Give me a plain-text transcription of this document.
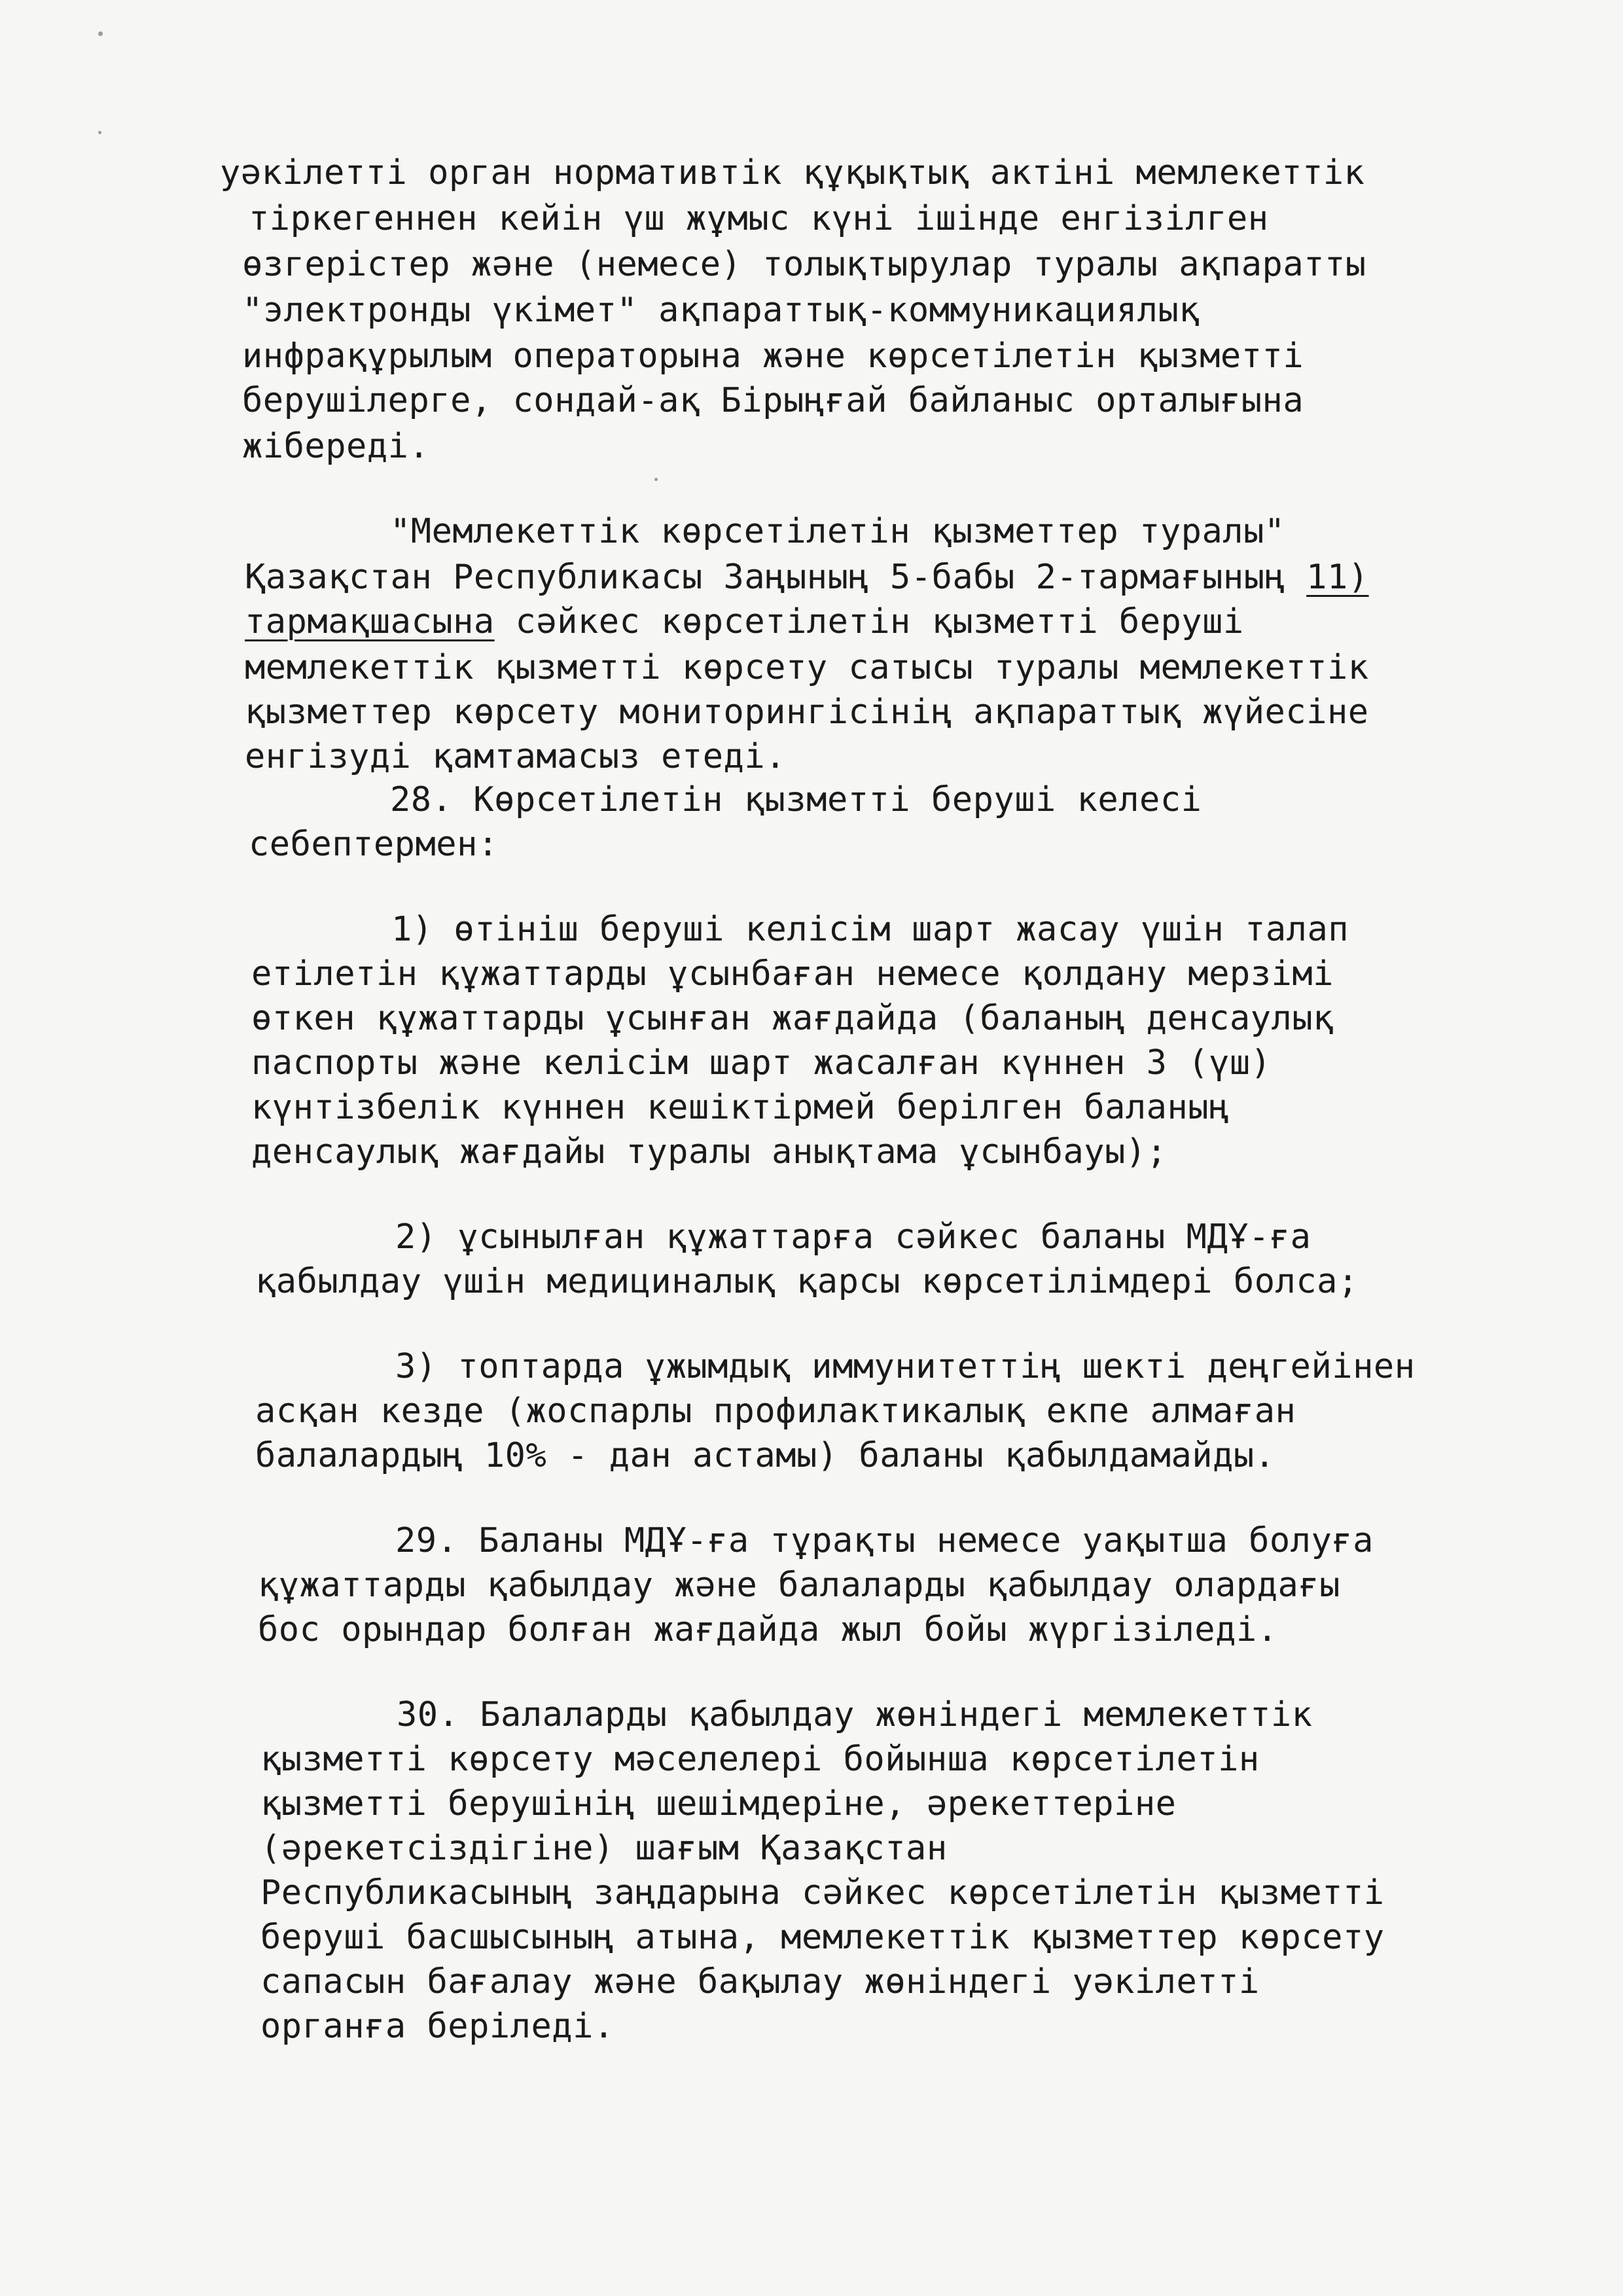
уәкілетті орган нормативтік құқықтық актіні мемлекеттік
тіркегеннен кейін үш жұмыс күні ішінде енгізілген
өзгерістер және (немесе) толықтырулар туралы ақпаратты
"электронды үкімет" ақпараттық-коммуникациялық
инфрақұрылым операторына және көрсетілетін қызметті
берушілерге, сондай-ақ Бірыңғай байланыс орталығына
жібереді.
"Мемлекеттік көрсетілетін қызметтер туралы"
Қазақстан Республикасы Заңының 5-бабы 2-тармағының 11)
тармақшасына сәйкес көрсетілетін қызметті беруші
мемлекеттік қызметті көрсету сатысы туралы мемлекеттік
қызметтер көрсету мониторингісінің ақпараттық жүйесіне
енгізуді қамтамасыз етеді.
28. Көрсетілетін қызметті беруші келесі
себептермен:
1) өтініш беруші келісім шарт жасау үшін талап
етілетін құжаттарды ұсынбаған немесе қолдану мерзімі
өткен құжаттарды ұсынған жағдайда (баланың денсаулық
паспорты және келісім шарт жасалған күннен 3 (үш)
күнтізбелік күннен кешіктірмей берілген баланың
денсаулық жағдайы туралы анықтама ұсынбауы);
2) ұсынылған құжаттарға сәйкес баланы МДҰ-ға
қабылдау үшін медициналық қарсы көрсетілімдері болса;
3) топтарда ұжымдық иммунитеттің шекті деңгейінен
асқан кезде (жоспарлы профилактикалық екпе алмаған
балалардың 10% - дан астамы) баланы қабылдамайды.
29. Баланы МДҰ-ға тұрақты немесе уақытша болуға
құжаттарды қабылдау және балаларды қабылдау олардағы
бос орындар болған жағдайда жыл бойы жүргізіледі.
30. Балаларды қабылдау жөніндегі мемлекеттік
қызметті көрсету мәселелері бойынша көрсетілетін
қызметті берушінің шешімдеріне, әрекеттеріне
(әрекетсіздігіне) шағым Қазақстан
Республикасының заңдарына сәйкес көрсетілетін қызметті
беруші басшысының атына, мемлекеттік қызметтер көрсету
сапасын бағалау және бақылау жөніндегі уәкілетті
органға беріледі.
